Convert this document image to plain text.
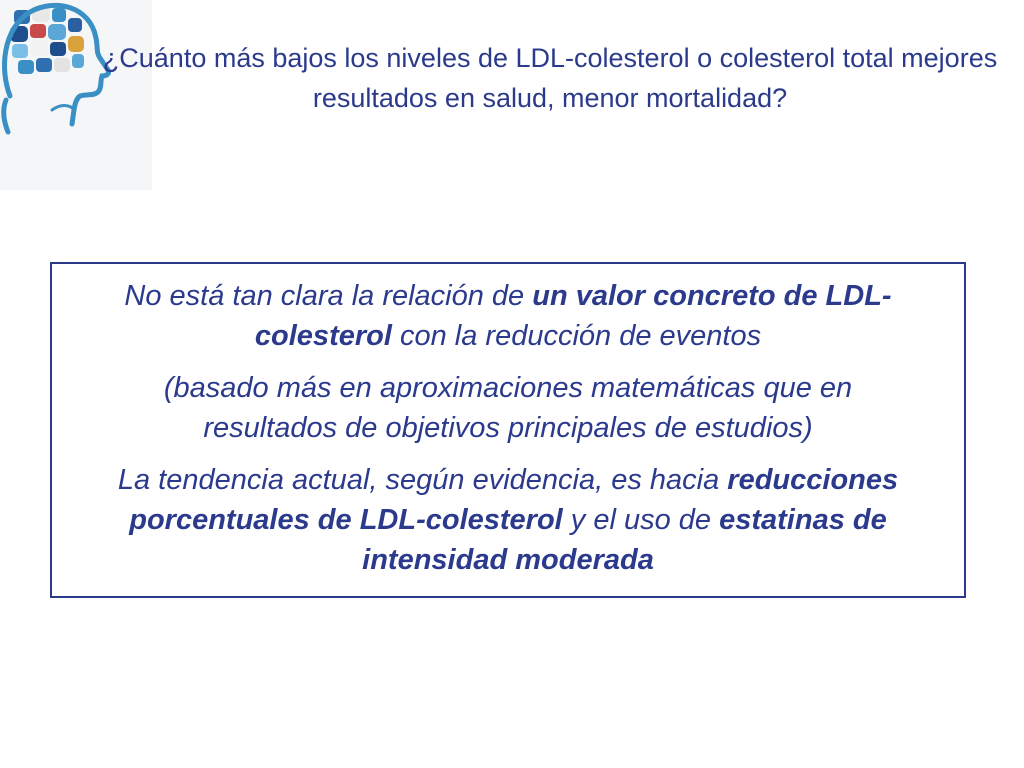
¿Cuánto más bajos los niveles de LDL-colesterol o colesterol total mejores resultados en salud, menor mortalidad?

No está tan clara la relación de un valor concreto de LDL-colesterol con la reducción de eventos

(basado más en aproximaciones matemáticas que en resultados de objetivos principales de estudios)

La tendencia actual, según evidencia, es hacia reducciones porcentuales de LDL-colesterol y el uso de estatinas de intensidad moderada
